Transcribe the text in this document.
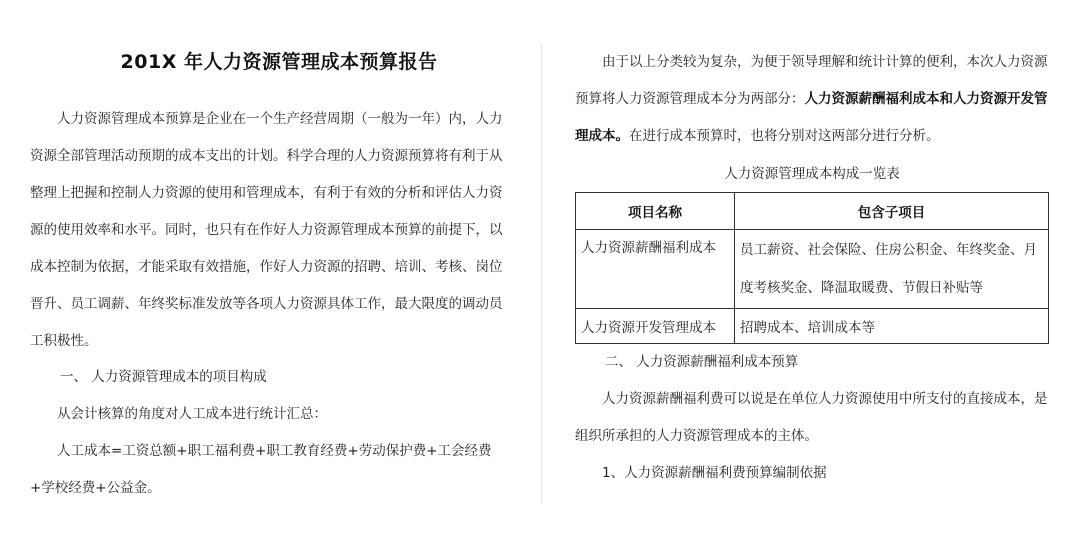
201X 年人力资源管理成本预算报告

人力资源管理成本预算是企业在一个生产经营周期（一般为一年）内，人力资源全部管理活动预期的成本支出的计划。科学合理的人力资源预算将有利于从整理上把握和控制人力资源的使用和管理成本，有利于有效的分析和评估人力资源的使用效率和水平。同时，也只有在作好人力资源管理成本预算的前提下，以成本控制为依据，才能采取有效措施，作好人力资源的招聘、培训、考核、岗位晋升、员工调薪、年终奖标准发放等各项人力资源具体工作，最大限度的调动员工积极性。

一、 人力资源管理成本的项目构成

从会计核算的角度对人工成本进行统计汇总：

人工成本=工资总额+职工福利费+职工教育经费+劳动保护费+工会经费+学校经费+公益金。

由于以上分类较为复杂，为便于领导理解和统计计算的便利，本次人力资源预算将人力资源管理成本分为两部分：人力资源薪酬福利成本和人力资源开发管理成本。在进行成本预算时，也将分别对这两部分进行分析。

人力资源管理成本构成一览表
项目名称	包含子项目
人力资源薪酬福利成本	员工薪资、社会保险、住房公积金、年终奖金、月度考核奖金、降温取暖费、节假日补贴等
人力资源开发管理成本	招聘成本、培训成本等

二、 人力资源薪酬福利成本预算

人力资源薪酬福利费可以说是在单位人力资源使用中所支付的直接成本，是组织所承担的人力资源管理成本的主体。

1、人力资源薪酬福利费预算编制依据
